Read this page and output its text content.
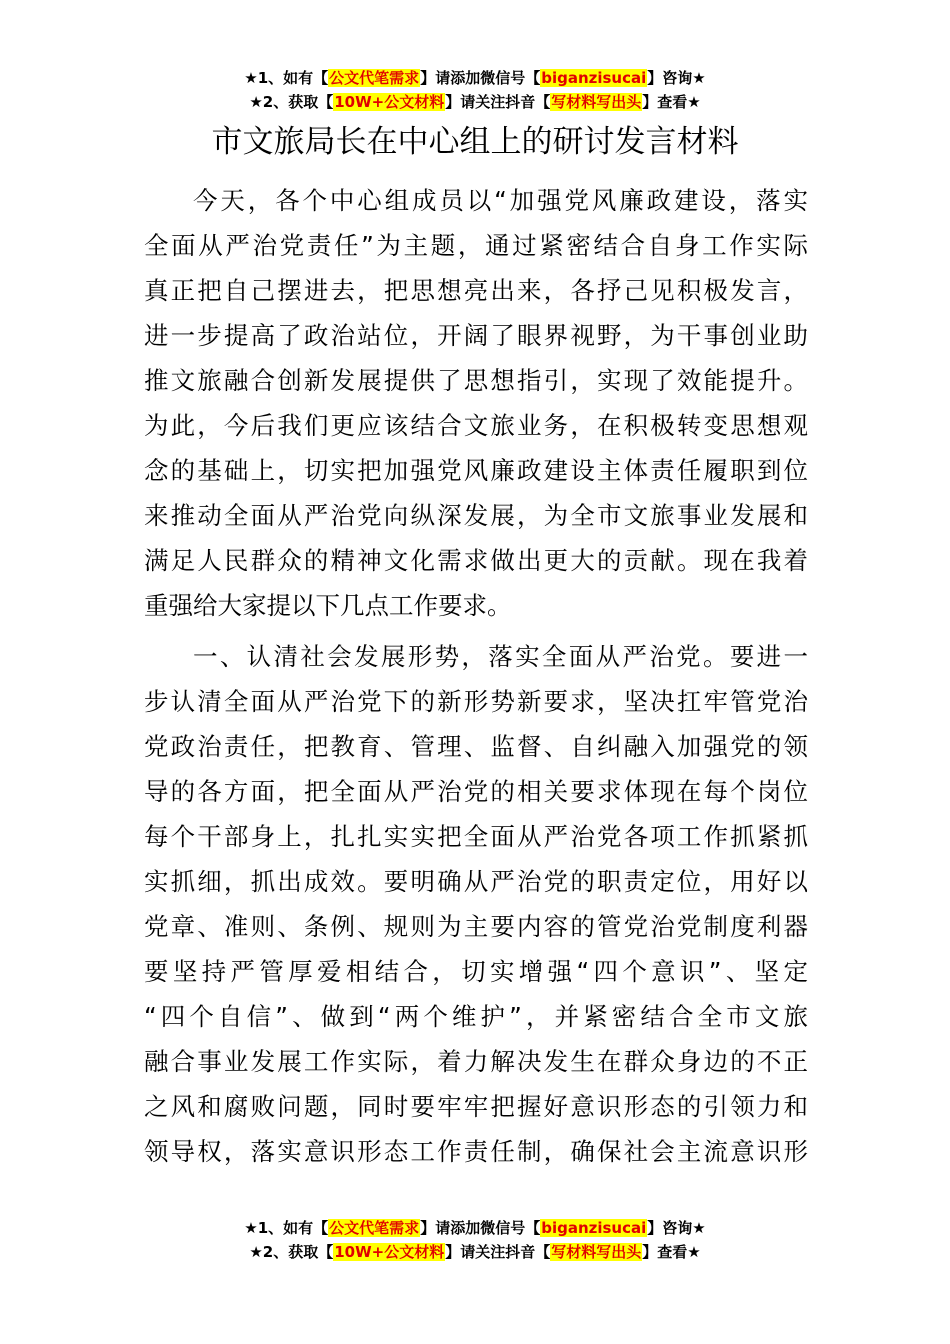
★1、如有【公文代笔需求】请添加微信号【biganzisucai】咨询★
★2、获取【10W+公文材料】请关注抖音【写材料写出头】查看★
市文旅局长在中心组上的研讨发言材料
今天，各个中心组成员以“加强党风廉政建设，落实
全面从严治党责任”为主题，通过紧密结合自身工作实际
真正把自己摆进去，把思想亮出来，各抒己见积极发言，
进一步提高了政治站位，开阔了眼界视野，为干事创业助
推文旅融合创新发展提供了思想指引，实现了效能提升。
为此，今后我们更应该结合文旅业务，在积极转变思想观
念的基础上，切实把加强党风廉政建设主体责任履职到位
来推动全面从严治党向纵深发展，为全市文旅事业发展和
满足人民群众的精神文化需求做出更大的贡献。现在我着
重强给大家提以下几点工作要求。
一、认清社会发展形势，落实全面从严治党。要进一
步认清全面从严治党下的新形势新要求，坚决扛牢管党治
党政治责任，把教育、管理、监督、自纠融入加强党的领
导的各方面，把全面从严治党的相关要求体现在每个岗位
每个干部身上，扎扎实实把全面从严治党各项工作抓紧抓
实抓细，抓出成效。要明确从严治党的职责定位，用好以
党章、准则、条例、规则为主要内容的管党治党制度利器
要坚持严管厚爱相结合，切实增强“四个意识”、坚定
“四个自信”、做到“两个维护”，并紧密结合全市文旅
融合事业发展工作实际，着力解决发生在群众身边的不正
之风和腐败问题，同时要牢牢把握好意识形态的引领力和
领导权，落实意识形态工作责任制，确保社会主流意识形
★1、如有【公文代笔需求】请添加微信号【biganzisucai】咨询★
★2、获取【10W+公文材料】请关注抖音【写材料写出头】查看★
